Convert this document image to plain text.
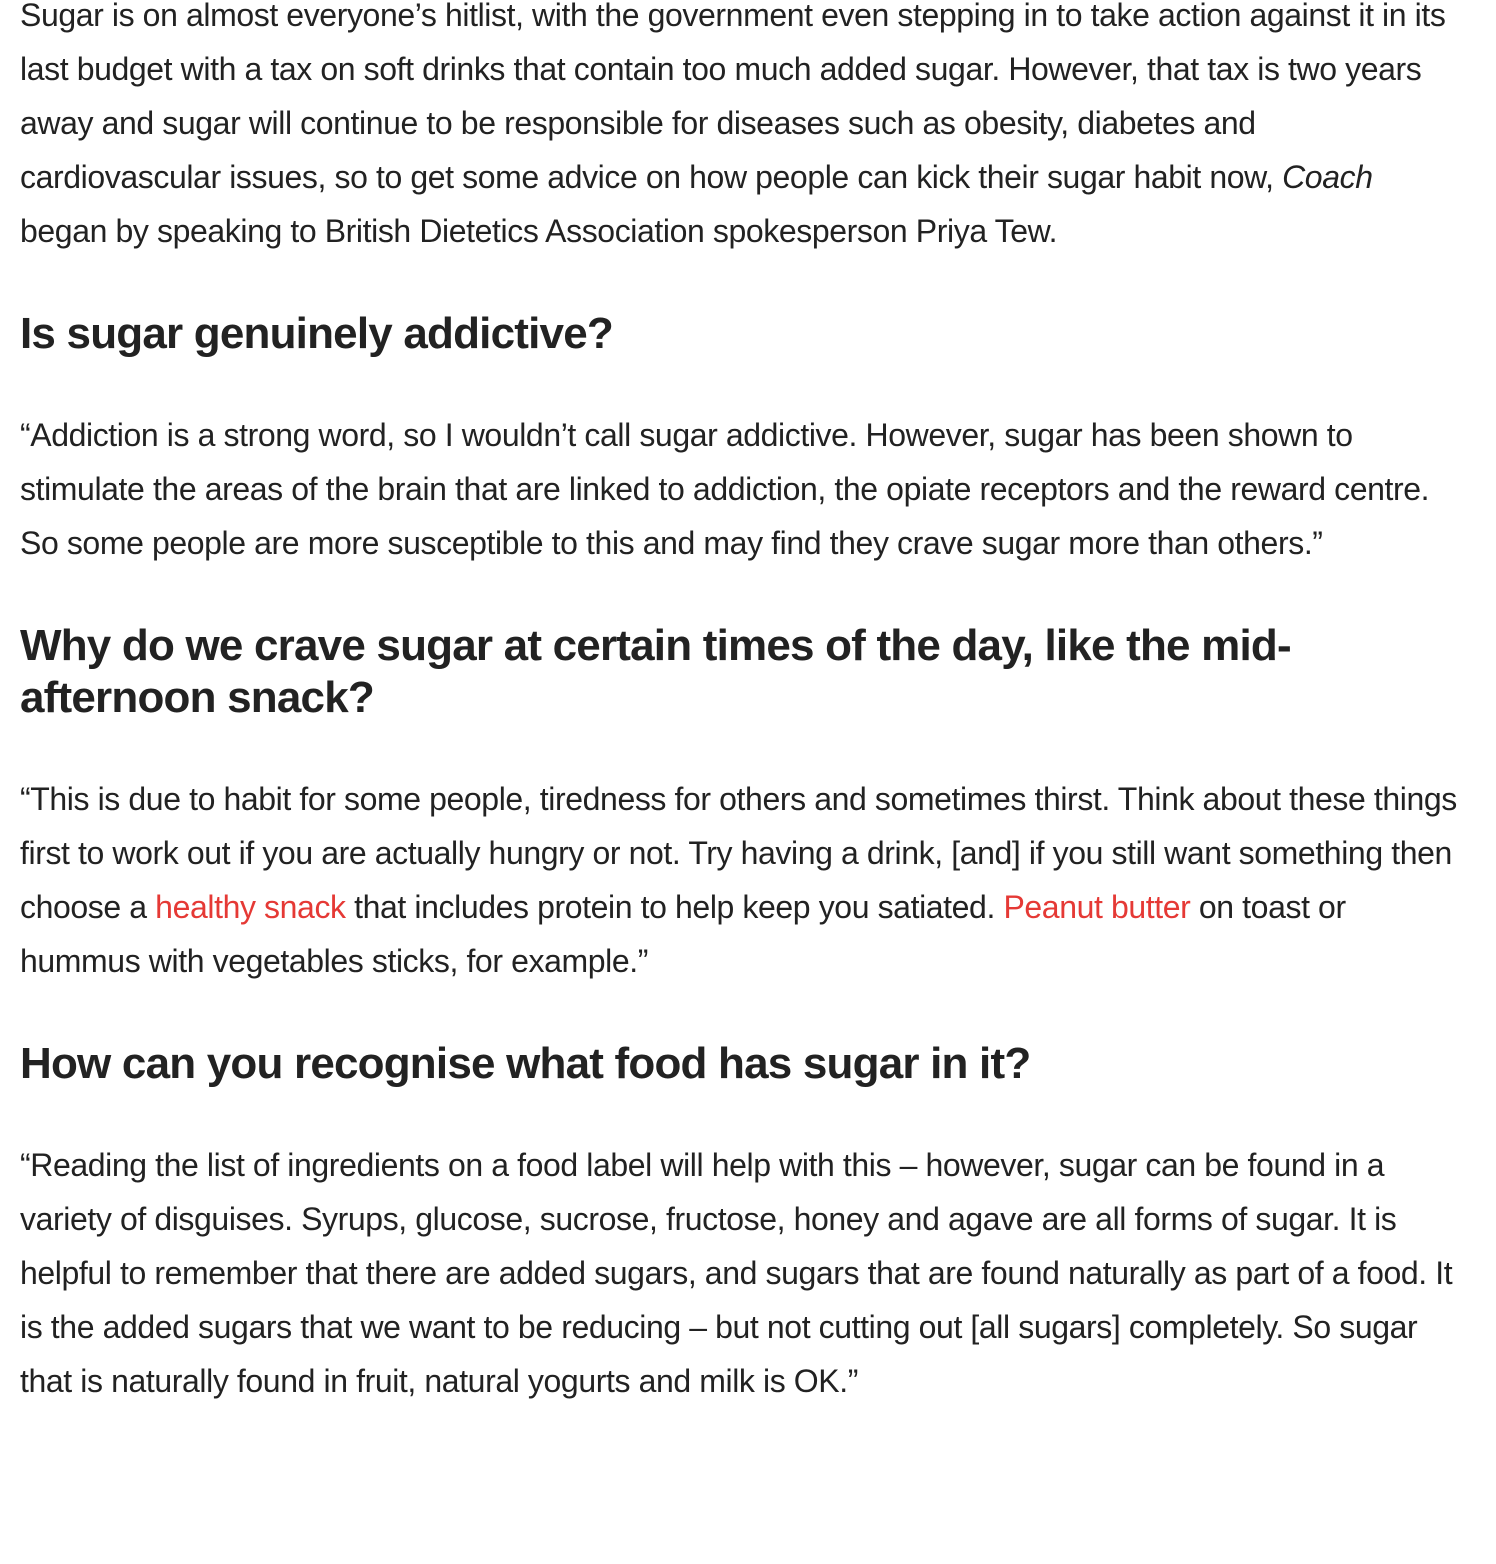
Sugar is on almost everyone’s hitlist, with the government even stepping in to take action against it in its last budget with a tax on soft drinks that contain too much added sugar. However, that tax is two years away and sugar will continue to be responsible for diseases such as obesity, diabetes and cardiovascular issues, so to get some advice on how people can kick their sugar habit now, Coach began by speaking to British Dietetics Association spokesperson Priya Tew.

Is sugar genuinely addictive?

“Addiction is a strong word, so I wouldn’t call sugar addictive. However, sugar has been shown to stimulate the areas of the brain that are linked to addiction, the opiate receptors and the reward centre. So some people are more susceptible to this and may find they crave sugar more than others.”

Why do we crave sugar at certain times of the day, like the mid-afternoon snack?

“This is due to habit for some people, tiredness for others and sometimes thirst. Think about these things first to work out if you are actually hungry or not. Try having a drink, [and] if you still want something then choose a healthy snack that includes protein to help keep you satiated. Peanut butter on toast or hummus with vegetables sticks, for example.”

How can you recognise what food has sugar in it?

“Reading the list of ingredients on a food label will help with this – however, sugar can be found in a variety of disguises. Syrups, glucose, sucrose, fructose, honey and agave are all forms of sugar. It is helpful to remember that there are added sugars, and sugars that are found naturally as part of a food. It is the added sugars that we want to be reducing – but not cutting out [all sugars] completely. So sugar that is naturally found in fruit, natural yogurts and milk is OK.”
